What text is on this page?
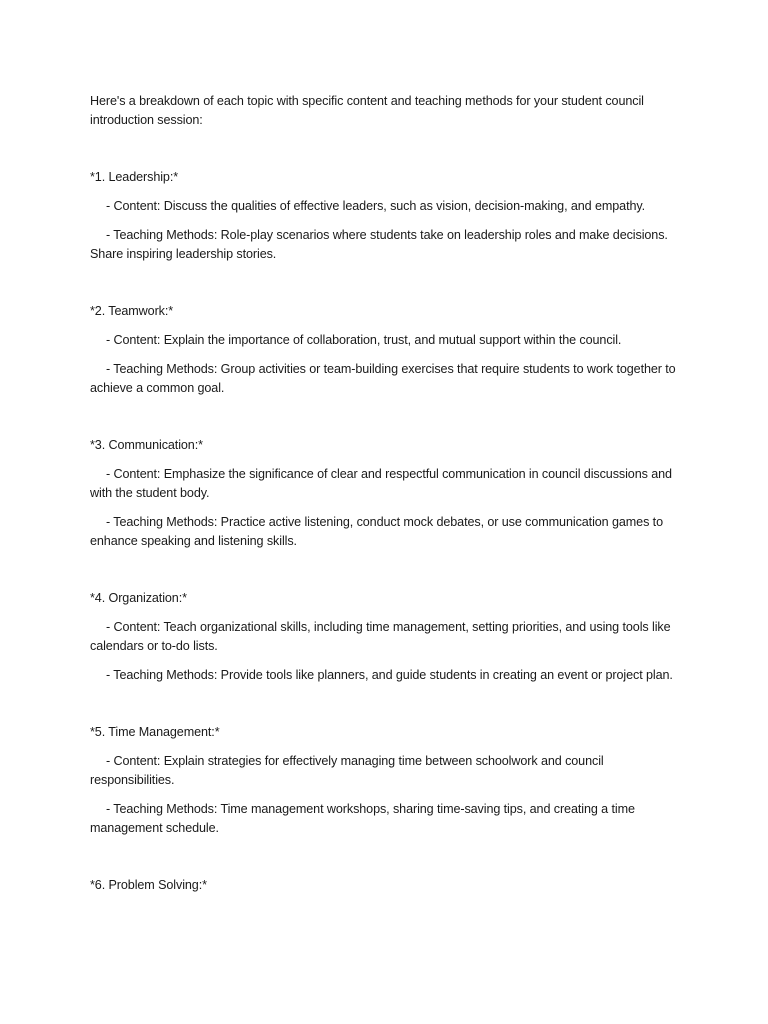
Here's a breakdown of each topic with specific content and teaching methods for your student council introduction session:

*1. Leadership:*

- Content: Discuss the qualities of effective leaders, such as vision, decision-making, and empathy.

- Teaching Methods: Role-play scenarios where students take on leadership roles and make decisions. Share inspiring leadership stories.

*2. Teamwork:*

- Content: Explain the importance of collaboration, trust, and mutual support within the council.

- Teaching Methods: Group activities or team-building exercises that require students to work together to achieve a common goal.

*3. Communication:*

- Content: Emphasize the significance of clear and respectful communication in council discussions and with the student body.

- Teaching Methods: Practice active listening, conduct mock debates, or use communication games to enhance speaking and listening skills.

*4. Organization:*

- Content: Teach organizational skills, including time management, setting priorities, and using tools like calendars or to-do lists.

- Teaching Methods: Provide tools like planners, and guide students in creating an event or project plan.

*5. Time Management:*

- Content: Explain strategies for effectively managing time between schoolwork and council responsibilities.

- Teaching Methods: Time management workshops, sharing time-saving tips, and creating a time management schedule.

*6. Problem Solving:*
